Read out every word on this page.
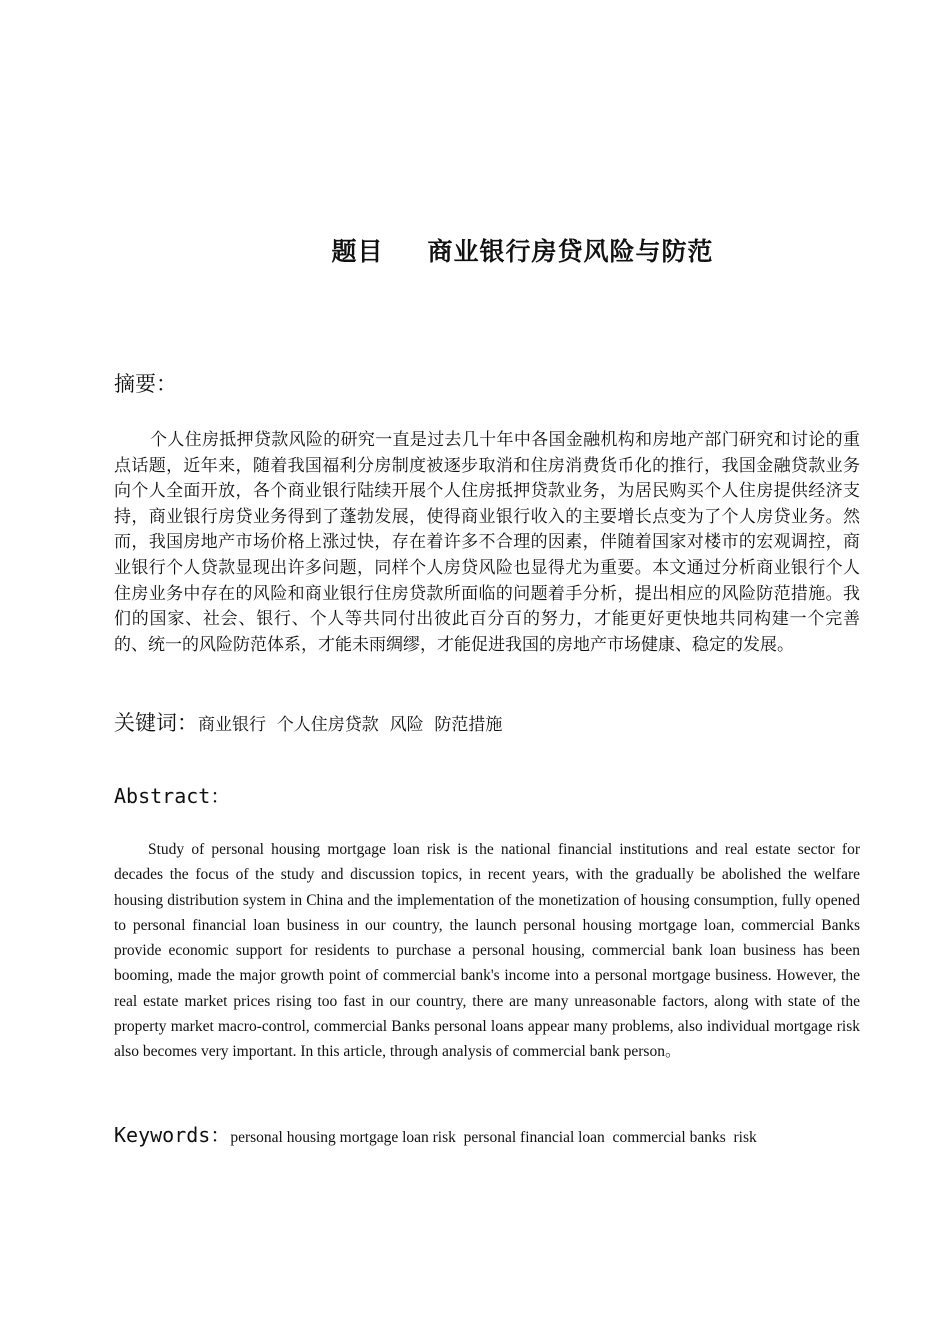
题目 商业银行房贷风险与防范
摘要：

个人住房抵押贷款风险的研究一直是过去几十年中各国金融机构和房地产部门研究和讨论的重点话题，近年来，随着我国福利分房制度被逐步取消和住房消费货币化的推行，我国金融贷款业务向个人全面开放，各个商业银行陆续开展个人住房抵押贷款业务，为居民购买个人住房提供经济支持，商业银行房贷业务得到了蓬勃发展，使得商业银行收入的主要增长点变为了个人房贷业务。然而，我国房地产市场价格上涨过快，存在着许多不合理的因素，伴随着国家对楼市的宏观调控，商业银行个人贷款显现出许多问题，同样个人房贷风险也显得尤为重要。本文通过分析商业银行个人住房业务中存在的风险和商业银行住房贷款所面临的问题着手分析，提出相应的风险防范措施。我们的国家、社会、银行、个人等共同付出彼此百分百的努力，才能更好更快地共同构建一个完善的、统一的风险防范体系，才能未雨绸缪，才能促进我国的房地产市场健康、稳定的发展。

关键词：商业银行  个人住房贷款  风险  防范措施
Abstract：

Study of personal housing mortgage loan risk is the national financial institutions and real estate sector for decades the focus of the study and discussion topics, in recent years, with the gradually be abolished the welfare housing distribution system in China and the implementation of the monetization of housing consumption, fully opened to personal financial loan business in our country, the launch personal housing mortgage loan, commercial Banks provide economic support for residents to purchase a personal housing, commercial bank loan business has been booming, made the major growth point of commercial bank's income into a personal mortgage business. However, the real estate market prices rising too fast in our country, there are many unreasonable factors, along with state of the property market macro-control, commercial Banks personal loans appear many problems, also individual mortgage risk also becomes very important. In this article, through analysis of commercial bank person。

Keywords：personal housing mortgage loan risk  personal financial loan  commercial banks  risk
